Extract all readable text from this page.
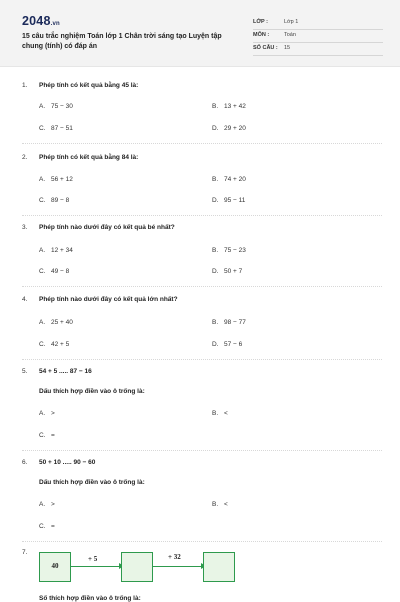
2048.vn
15 câu trắc nghiệm Toán lớp 1 Chân trời sáng tạo Luyện tập chung (tính) có đáp án
LỚP :	Lớp 1
MÔN :	Toán
SỐ CÂU : 15
1. Phép tính có kết quả bằng 45 là:
A. 75 − 30	B. 13 + 42
C. 87 − 51	D. 29 + 20
2. Phép tính có kết quả bằng 84 là:
A. 56 + 12	B. 74 + 20
C. 89 − 8	D. 95 − 11
3. Phép tính nào dưới đây có kết quả bé nhất?
A. 12 + 34	B. 75 − 23
C. 49 − 8	D. 50 + 7
4. Phép tính nào dưới đây có kết quả lớn nhất?
A. 25 + 40	B. 98 − 77
C. 42 + 5	D. 57 − 6
5. 54 + 5 ..... 87 − 16
Dấu thích hợp điền vào ô trống là:
A. >	B. <
C. =
6. 50 + 10 ..... 90 − 60
Dấu thích hợp điền vào ô trống là:
A. >	B. <
C. =
7.
40
+ 5	+ 32
Số thích hợp điền vào ô trống là:
